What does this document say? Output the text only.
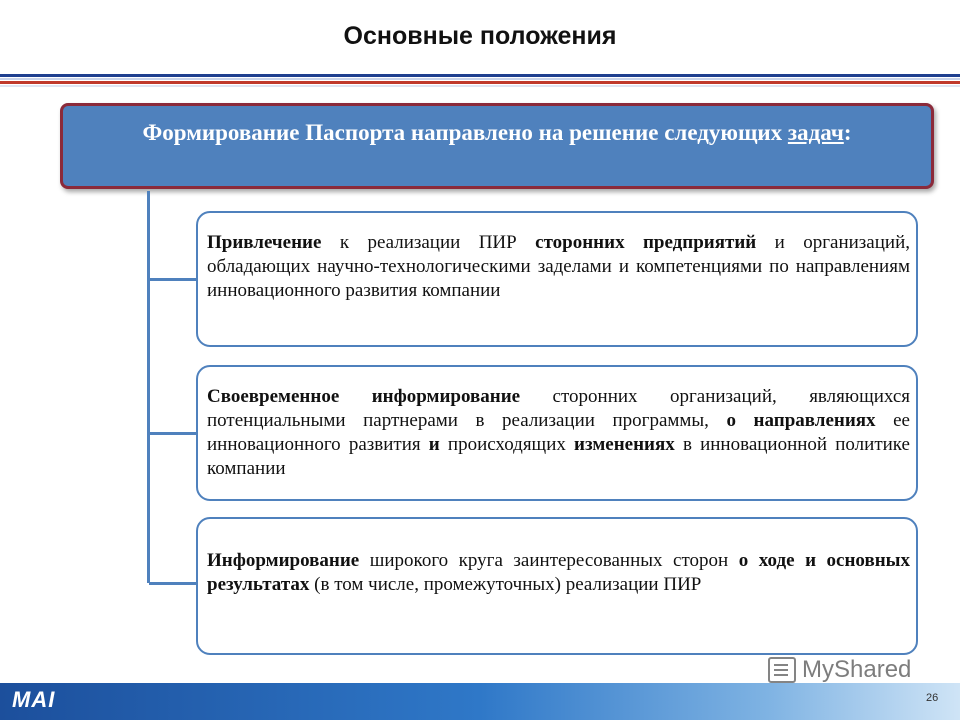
Основные положения
Формирование Паспорта направлено на решение следующих задач:
Привлечение к реализации ПИР сторонних предприятий и организаций, обладающих научно-технологическими заделами и компетенциями по направлениям инновационного развития компании
Своевременное информирование сторонних организаций, являющихся потенциальными партнерами в реализации программы, о направлениях ее инновационного развития и происходящих изменениях в инновационной политике компании
Информирование широкого круга заинтересованных сторон о ходе и основных результатах (в том числе, промежуточных) реализации ПИР
MyShared
MAI	26
